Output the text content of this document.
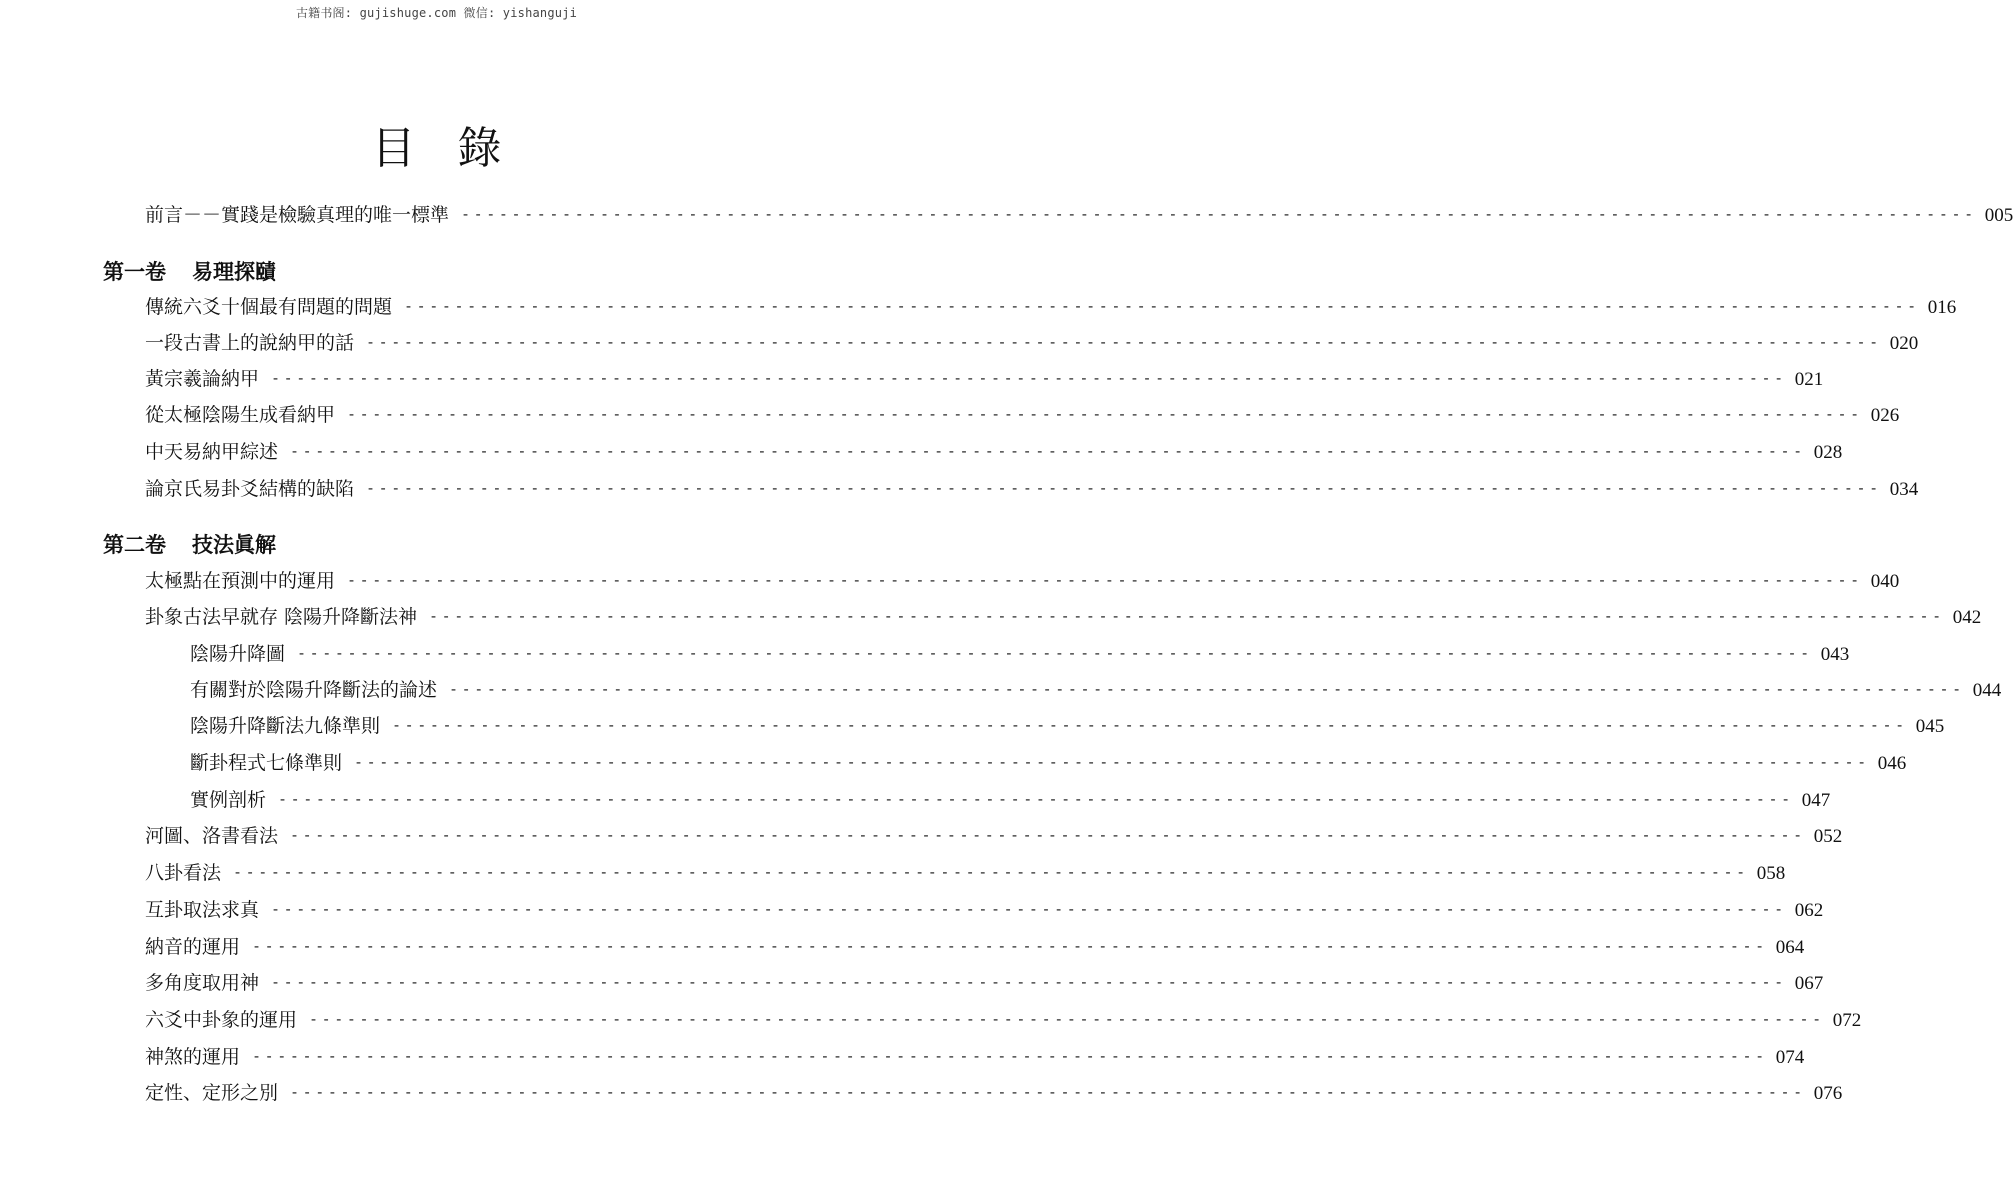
古籍书阁: gujishuge.com 微信: yishanguji
目錄
前言－－實踐是檢驗真理的唯一標準 ------------------------------------------------------------------------------------------------------------------------ 005
第一卷 易理探賾
傳統六爻十個最有問題的問題 ------------------------------------------------------------------------------------------------------------------------ 016
一段古書上的說納甲的話 ------------------------------------------------------------------------------------------------------------------------ 020
黃宗羲論納甲 ------------------------------------------------------------------------------------------------------------------------ 021
從太極陰陽生成看納甲 ------------------------------------------------------------------------------------------------------------------------ 026
中天易納甲綜述 ------------------------------------------------------------------------------------------------------------------------ 028
論京氏易卦爻結構的缺陷 ------------------------------------------------------------------------------------------------------------------------ 034
第二卷 技法眞解
太極點在預測中的運用 ------------------------------------------------------------------------------------------------------------------------ 040
卦象古法早就存 陰陽升降斷法神 ------------------------------------------------------------------------------------------------------------------------ 042
陰陽升降圖 ------------------------------------------------------------------------------------------------------------------------ 043
有關對於陰陽升降斷法的論述 ------------------------------------------------------------------------------------------------------------------------ 044
陰陽升降斷法九條準則 ------------------------------------------------------------------------------------------------------------------------ 045
斷卦程式七條準則 ------------------------------------------------------------------------------------------------------------------------ 046
實例剖析 ------------------------------------------------------------------------------------------------------------------------ 047
河圖、洛書看法 ------------------------------------------------------------------------------------------------------------------------ 052
八卦看法 ------------------------------------------------------------------------------------------------------------------------ 058
互卦取法求真 ------------------------------------------------------------------------------------------------------------------------ 062
納音的運用 ------------------------------------------------------------------------------------------------------------------------ 064
多角度取用神 ------------------------------------------------------------------------------------------------------------------------ 067
六爻中卦象的運用 ------------------------------------------------------------------------------------------------------------------------ 072
神煞的運用 ------------------------------------------------------------------------------------------------------------------------ 074
定性、定形之別 ------------------------------------------------------------------------------------------------------------------------ 076
